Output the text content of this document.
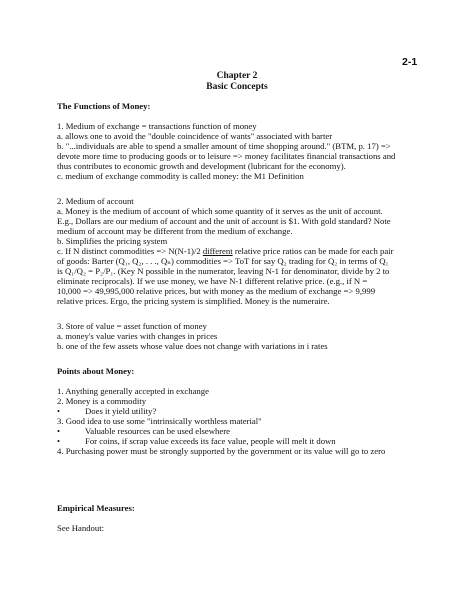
2-1
Chapter 2
Basic Concepts
The Functions of Money:
1. Medium of exchange = transactions function of money
a. allows one to avoid the "double coincidence of wants" associated with barter
b. "...individuals are able to spend a smaller amount of time shopping around." (BTM, p. 17) =>
devote more time to producing goods or to leisure => money facilitates financial transactions and
thus contributes to economic growth and development (lubricant for the economy).
c. medium of exchange commodity is called money: the M1 Definition
2. Medium of account
a. Money is the medium of account of which some quantity of it serves as the unit of account.
E.g., Dollars are our medium of account and the unit of account is $1. With gold standard? Note
medium of account may be different from the medium of exchange.
b. Simplifies the pricing system
c. If N distinct commodities => N(N-1)/2 different relative price ratios can be made for each pair
of goods: Barter (Q₁, Q₂, . . ., Qₙ) commodities => ToT for say Q₂ trading for Q₂ in terms of Q₁
is Q₁/Q₂ = P₂/P₁. (Key N possible in the numerator, leaving N-1 for denominator, divide by 2 to
eliminate reciprocals). If we use money, we have N-1 different relative price. (e.g., if N =
10,000 => 49,995,000 relative prices, but with money as the medium of exchange => 9,999
relative prices. Ergo, the pricing system is simplified. Money is the numeraire.
3. Store of value = asset function of money
a. money's value varies with changes in prices
b. one of the few assets whose value does not change with variations in i rates
Points about Money:
1. Anything generally accepted in exchange
2. Money is a commodity
•	Does it yield utility?
3. Good idea to use some "intrinsically worthless material"
•	Valuable resources can be used elsewhere
•	For coins, if scrap value exceeds its face value, people will melt it down
4. Purchasing power must be strongly supported by the government or its value will go to zero
Empirical Measures:
See Handout:
